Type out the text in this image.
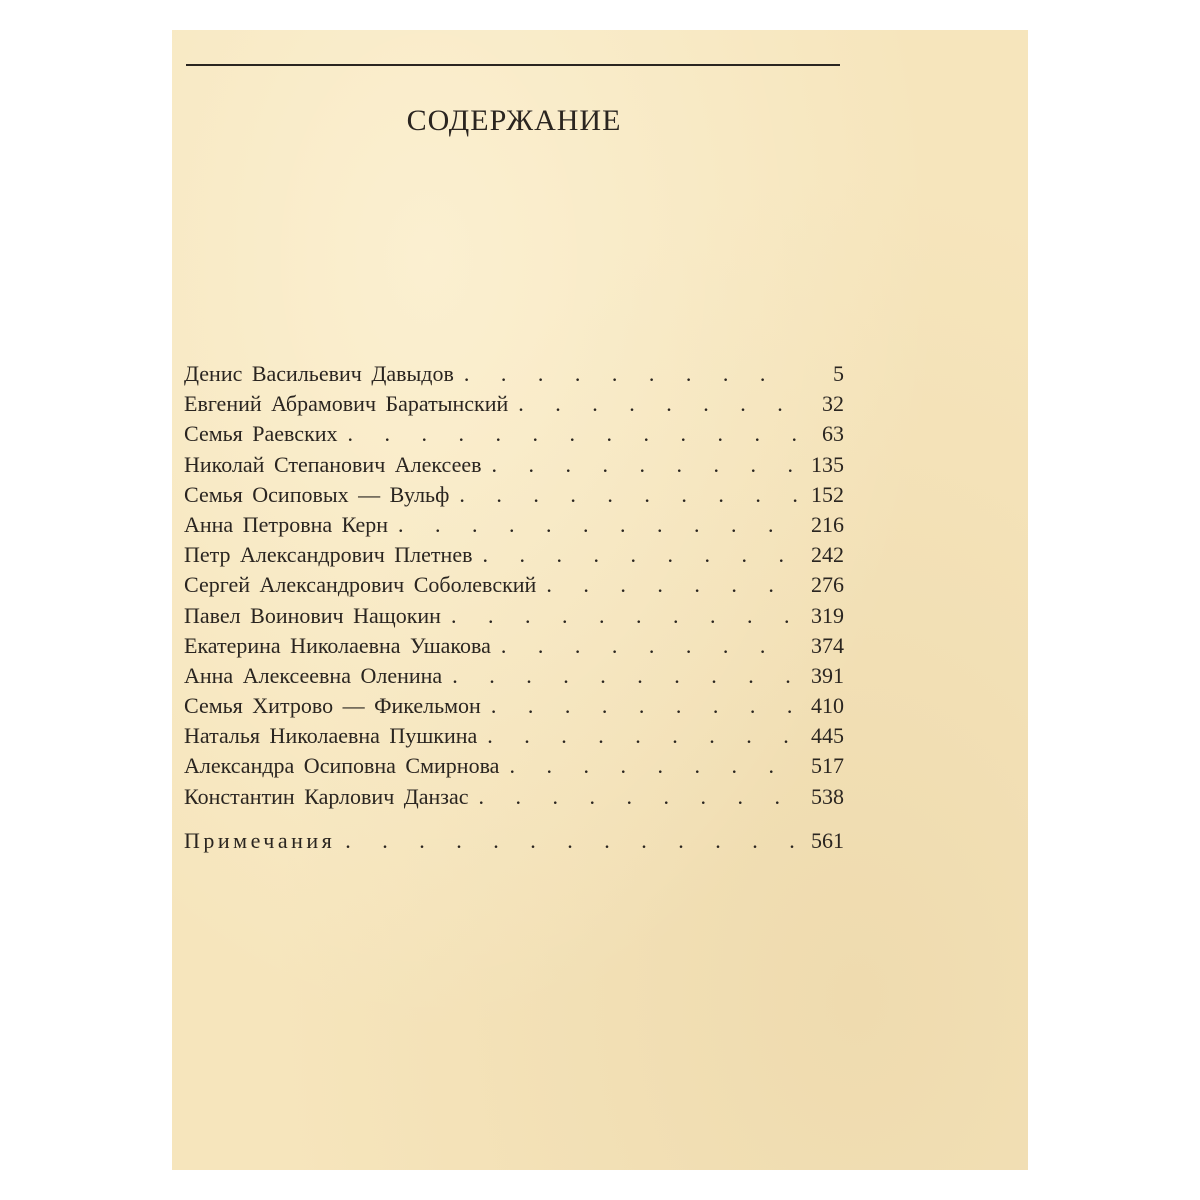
СОДЕРЖАНИЕ
Денис Васильевич Давыдов . . .	5
Евгений Абрамович Баратынский . . .	32
Семья Раевских . . .	63
Николай Степанович Алексеев . . .	135
Семья Осиповых — Вульф . . .	152
Анна Петровна Керн . . .	216
Петр Александрович Плетнев . . .	242
Сергей Александрович Соболевский . . .	276
Павел Воинович Нащокин . . .	319
Екатерина Николаевна Ушакова . . .	374
Анна Алексеевна Оленина . . .	391
Семья Хитрово — Фикельмон . . .	410
Наталья Николаевна Пушкина . . .	445
Александра Осиповна Смирнова . . .	517
Константин Карлович Данзас . . .	538
Примечания . . .	561
